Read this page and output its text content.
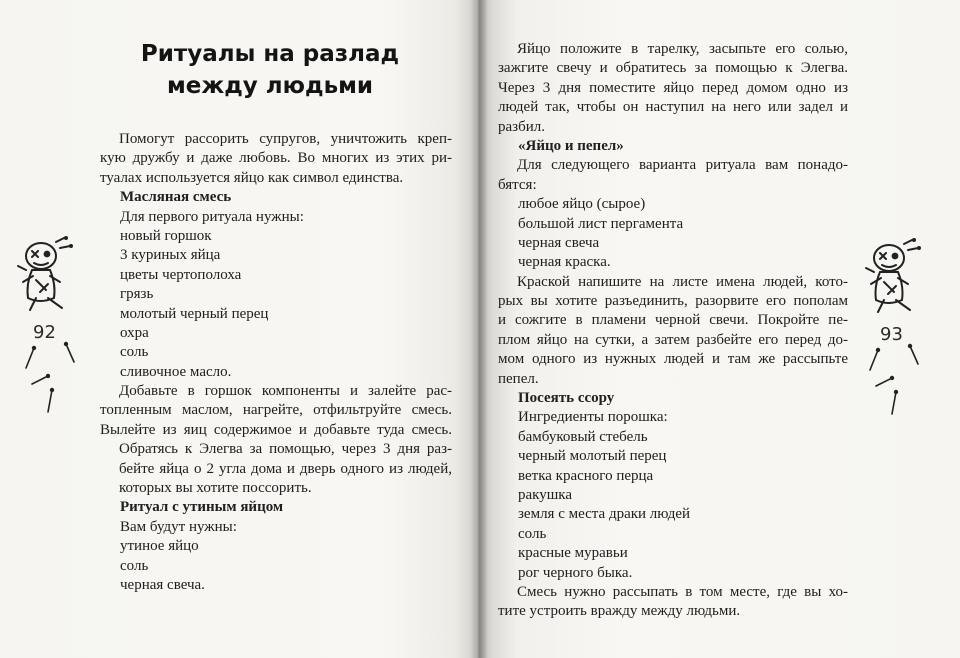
Ритуалы на разлад
между людьми
92
Помогут рассорить супругов, уничтожить креп-
кую дружбу и даже любовь. Во многих из этих ри-
туалах используется яйцо как символ единства.
Масляная смесь
Для первого ритуала нужны:
новый горшок
3 куриных яйца
цветы чертополоха
грязь
молотый черный перец
охра
соль
сливочное масло.
Добавьте в горшок компоненты и залейте рас-
топленным маслом, нагрейте, отфильтруйте смесь.
Вылейте из яиц содержимое и добавьте туда смесь.
Обратясь к Элегва за помощью, через 3 дня раз-
бейте яйца о 2 угла дома и дверь одного из людей,
которых вы хотите поссорить.
Ритуал с утиным яйцом
Вам будут нужны:
утиное яйцо
соль
черная свеча.
93
Яйцо положите в тарелку, засыпьте его солью,
зажгите свечу и обратитесь за помощью к Элегва.
Через 3 дня поместите яйцо перед домом одно из
людей так, чтобы он наступил на него или задел и
разбил.
«Яйцо и пепел»
Для следующего варианта ритуала вам понадо-
бятся:
любое яйцо (сырое)
большой лист пергамента
черная свеча
черная краска.
Краской напишите на листе имена людей, кото-
рых вы хотите разъединить, разорвите его пополам
и сожгите в пламени черной свечи. Покройте пе-
плом яйцо на сутки, а затем разбейте его перед до-
мом одного из нужных людей и там же рассыпьте
пепел.
Посеять ссору
Ингредиенты порошка:
бамбуковый стебель
черный молотый перец
ветка красного перца
ракушка
земля с места драки людей
соль
красные муравьи
рог черного быка.
Смесь нужно рассыпать в том месте, где вы хо-
тите устроить вражду между людьми.
